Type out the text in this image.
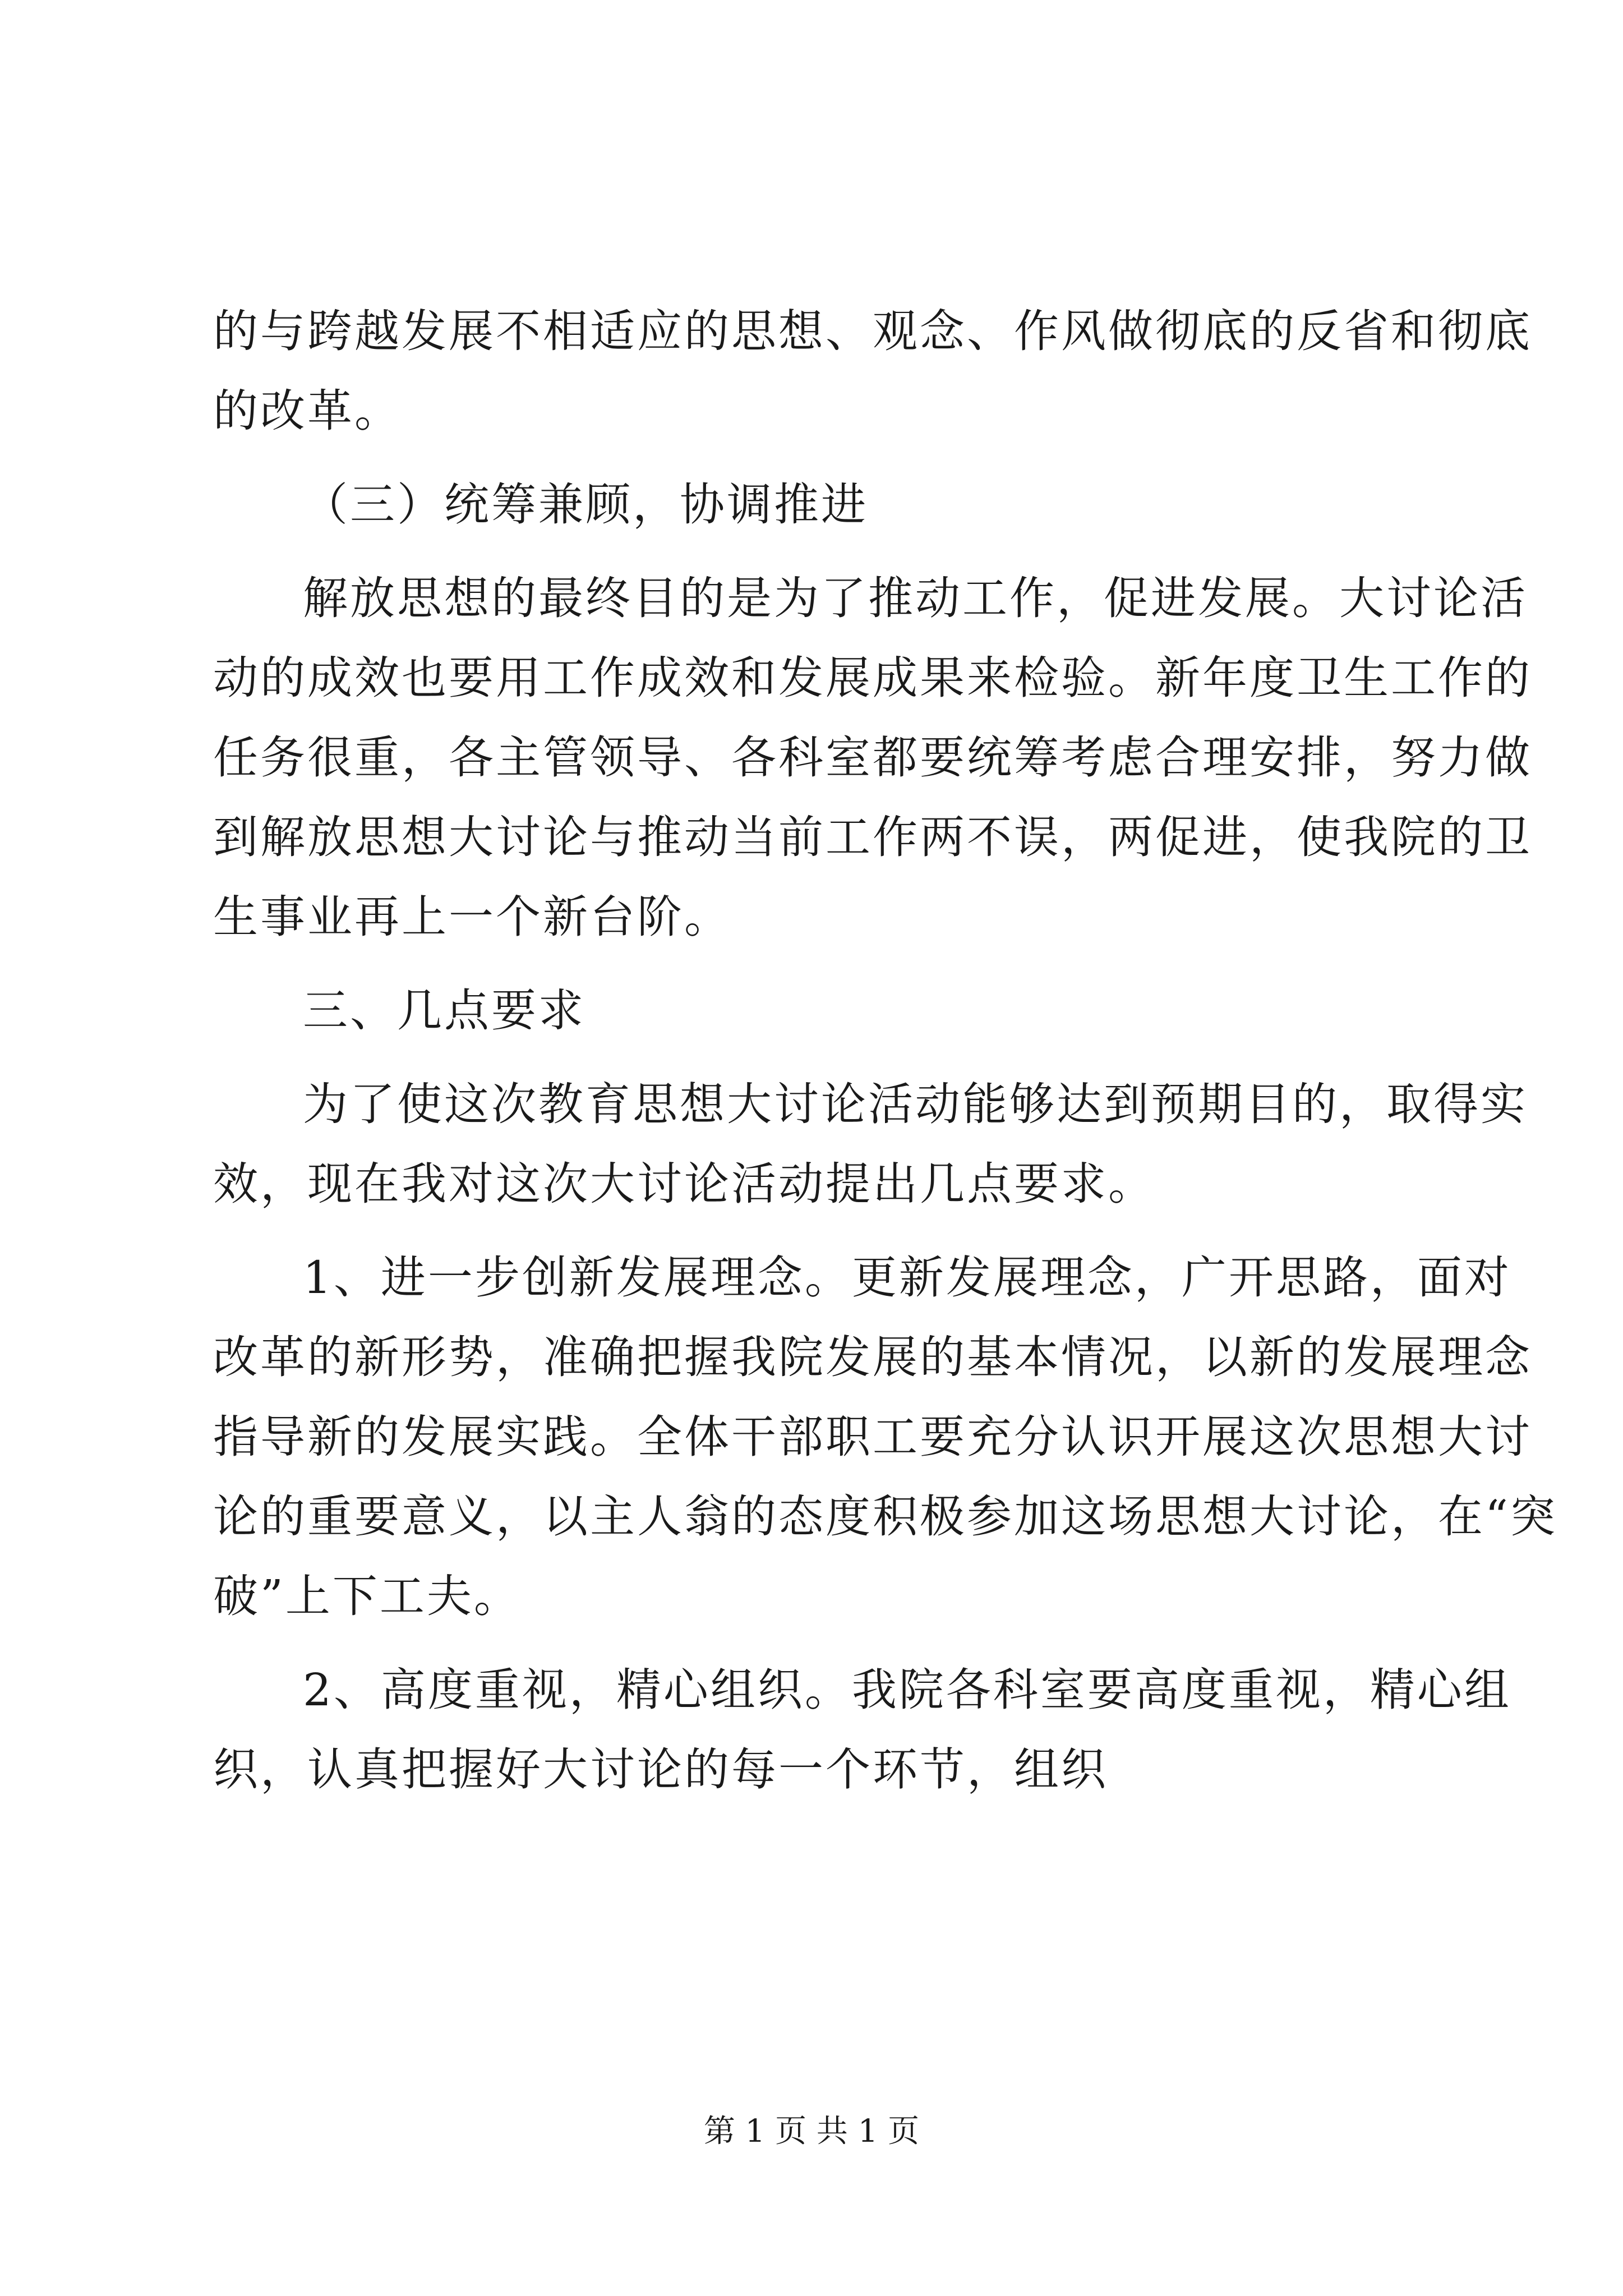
的与跨越发展不相适应的思想、观念、作风做彻底的反省和彻底
的改革。
（三）统筹兼顾，协调推进
解放思想的最终目的是为了推动工作，促进发展。大讨论活
动的成效也要用工作成效和发展成果来检验。新年度卫生工作的
任务很重，各主管领导、各科室都要统筹考虑合理安排，努力做
到解放思想大讨论与推动当前工作两不误，两促进，使我院的卫
生事业再上一个新台阶。
三、几点要求
为了使这次教育思想大讨论活动能够达到预期目的，取得实
效，现在我对这次大讨论活动提出几点要求。
1、进一步创新发展理念。更新发展理念，广开思路，面对
改革的新形势，准确把握我院发展的基本情况，以新的发展理念
指导新的发展实践。全体干部职工要充分认识开展这次思想大讨
论的重要意义，以主人翁的态度积极参加这场思想大讨论，在“突
破”上下工夫。
2、高度重视，精心组织。我院各科室要高度重视，精心组
织，认真把握好大讨论的每一个环节，组织
第 1 页 共 1 页
